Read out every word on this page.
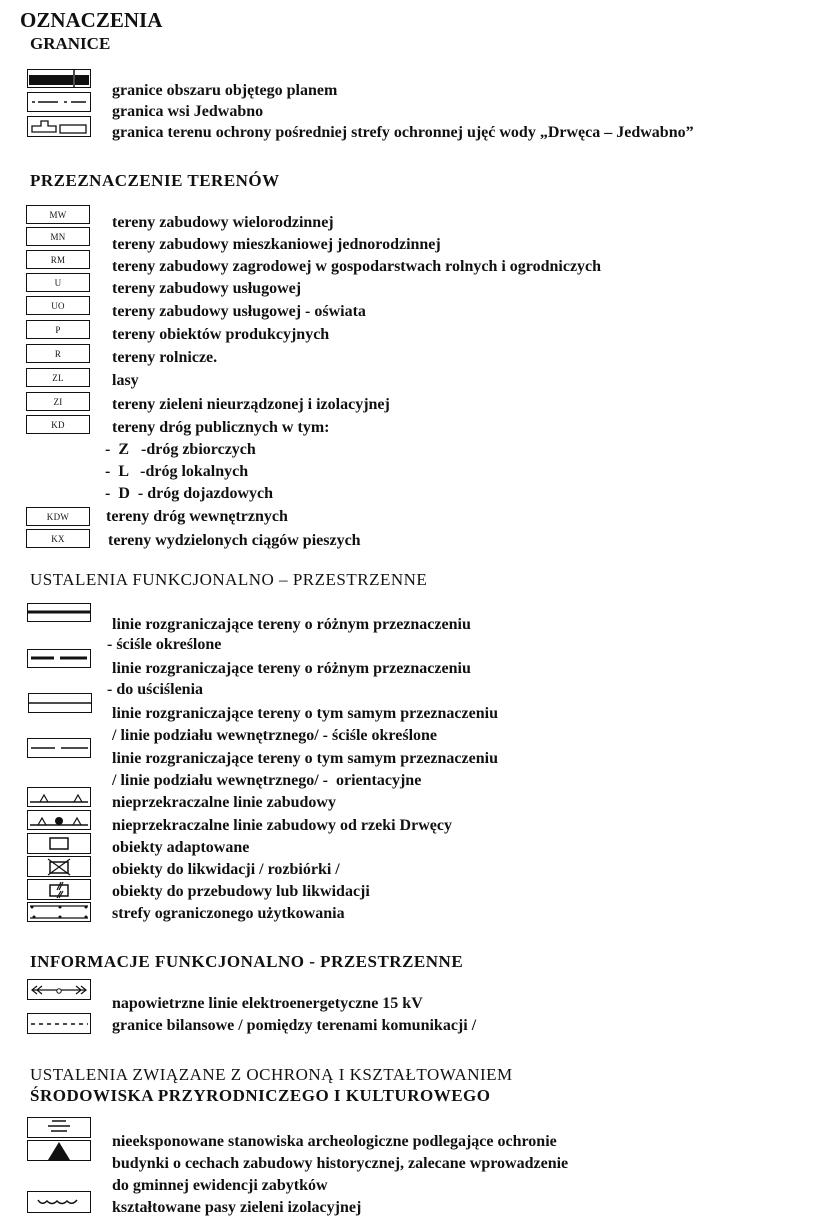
OZNACZENIA
GRANICE
granice obszaru objętego planem
granica wsi Jedwabno
granica terenu ochrony pośredniej strefy ochronnej ujęć wody „Drwęca – Jedwabno”
PRZEZNACZENIE TERENÓW
MW
MN
RM
U
UO
P
R
ZL
ZI
KD
tereny zabudowy wielorodzinnej
tereny zabudowy mieszkaniowej jednorodzinnej
tereny zabudowy zagrodowej w gospodarstwach rolnych i ogrodniczych
tereny zabudowy usługowej
tereny zabudowy usługowej - oświata
tereny obiektów produkcyjnych
tereny rolnicze.
lasy
tereny zieleni nieurządzonej i izolacyjnej
tereny dróg publicznych w tym:
-  Z   -dróg zbiorczych
-  L   -dróg lokalnych
-  D  - dróg dojazdowych
KDW
KX
tereny dróg wewnętrznych
tereny wydzielonych ciągów pieszych
USTALENIA FUNKCJONALNO – PRZESTRZENNE
linie rozgraniczające tereny o różnym przeznaczeniu
- ściśle określone
linie rozgraniczające tereny o różnym przeznaczeniu
- do uściślenia
linie rozgraniczające tereny o tym samym przeznaczeniu
/ linie podziału wewnętrznego/ - ściśle określone
linie rozgraniczające tereny o tym samym przeznaczeniu
/ linie podziału wewnętrznego/ -  orientacyjne
nieprzekraczalne linie zabudowy
nieprzekraczalne linie zabudowy od rzeki Drwęcy
obiekty adaptowane
obiekty do likwidacji / rozbiórki /
obiekty do przebudowy lub likwidacji
strefy ograniczonego użytkowania
INFORMACJE FUNKCJONALNO - PRZESTRZENNE
napowietrzne linie elektroenergetyczne 15 kV
granice bilansowe / pomiędzy terenami komunikacji /
USTALENIA ZWIĄZANE Z OCHRONĄ I KSZTAŁTOWANIEM
ŚRODOWISKA PRZYRODNICZEGO I KULTUROWEGO
nieeksponowane stanowiska archeologiczne podlegające ochronie
budynki o cechach zabudowy historycznej, zalecane wprowadzenie
do gminnej ewidencji zabytków
kształtowane pasy zieleni izolacyjnej
